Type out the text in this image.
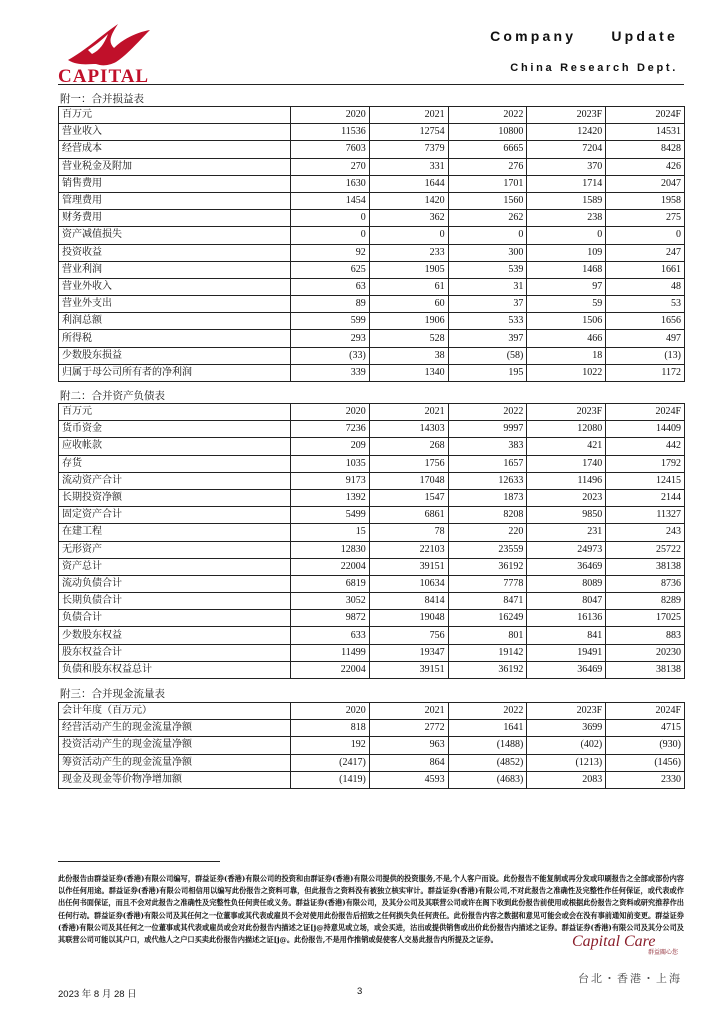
CAPITAL
Company Update
China Research Dept.
附一：合并损益表
百万元	2020	2021	2022	2023F	2024F
营业收入	11536	12754	10800	12420	14531
经营成本	7603	7379	6665	7204	8428
营业税金及附加	270	331	276	370	426
销售费用	1630	1644	1701	1714	2047
管理费用	1454	1420	1560	1589	1958
财务费用	0	362	262	238	275
资产减值损失	0	0	0	0	0
投资收益	92	233	300	109	247
营业利润	625	1905	539	1468	1661
营业外收入	63	61	31	97	48
营业外支出	89	60	37	59	53
利润总额	599	1906	533	1506	1656
所得税	293	528	397	466	497
少数股东损益	(33)	38	(58)	18	(13)
归属于母公司所有者的净利润	339	1340	195	1022	1172
附二：合并资产负债表
百万元	2020	2021	2022	2023F	2024F
货币资金	7236	14303	9997	12080	14409
应收帐款	209	268	383	421	442
存货	1035	1756	1657	1740	1792
流动资产合计	9173	17048	12633	11496	12415
长期投资净额	1392	1547	1873	2023	2144
固定资产合计	5499	6861	8208	9850	11327
在建工程	15	78	220	231	243
无形资产	12830	22103	23559	24973	25722
资产总计	22004	39151	36192	36469	38138
流动负债合计	6819	10634	7778	8089	8736
长期负债合计	3052	8414	8471	8047	8289
负债合计	9872	19048	16249	16136	17025
少数股东权益	633	756	801	841	883
股东权益合计	11499	19347	19142	19491	20230
负债和股东权益总计	22004	39151	36192	36469	38138
附三：合并现金流量表
会计年度（百万元）	2020	2021	2022	2023F	2024F
经营活动产生的现金流量净额	818	2772	1641	3699	4715
投资活动产生的现金流量净额	192	963	(1488)	(402)	(930)
筹资活动产生的现金流量净额	(2417)	864	(4852)	(1213)	(1456)
现金及现金等价物净增加额	(1419)	4593	(4683)	2083	2330
此份报告由群益证券(香港)有限公司编写，群益证券(香港)有限公司的投资和由群证券(香港)有限公司提供的投资服务,不是,个人客户而设。此份报告不能复制或再分发或印刷报告之全部或部份内容以作任何用途。群益证券(香港)有限公司相信用以编写此份报告之资料可靠，但此报告之资料没有被独立核实审计。群益证券(香港)有限公司,不对此报告之准确性及完整性作任何保证，或代表或作出任何书面保证，而且不会对此报告之准确性及完整性负任何责任或义务。群益证券(香港)有限公司，及其分公司及其联营公司或许在阁下收到此份报告前使用或根据此份报告之资料或研究推荐作出任何行动。群益证券(香港)有限公司及其任何之一位董事或其代表或雇员不会对使用此份报告后招致之任何损失负任何责任。此份报告内容之数据和意见可能会或会在没有事前通知前变更。群益证券(香港)有限公司及其任何之一位董事或其代表或雇员或会对此份报告内描述之证[j@持意见或立场，或会买进，沽出或提供销售或出价此份报告内描述之证券。群益证券(香港)有限公司及其分公司及其联营公司可能以其户口，或代他人之户口买卖此份报告内描述之证[j@。此份报告,不是用作推销或促使客人交易此报告内所提及之证券。	Capital Care
群益關心您
台北・香港・上海
2023 年 8 月 28 日	3
